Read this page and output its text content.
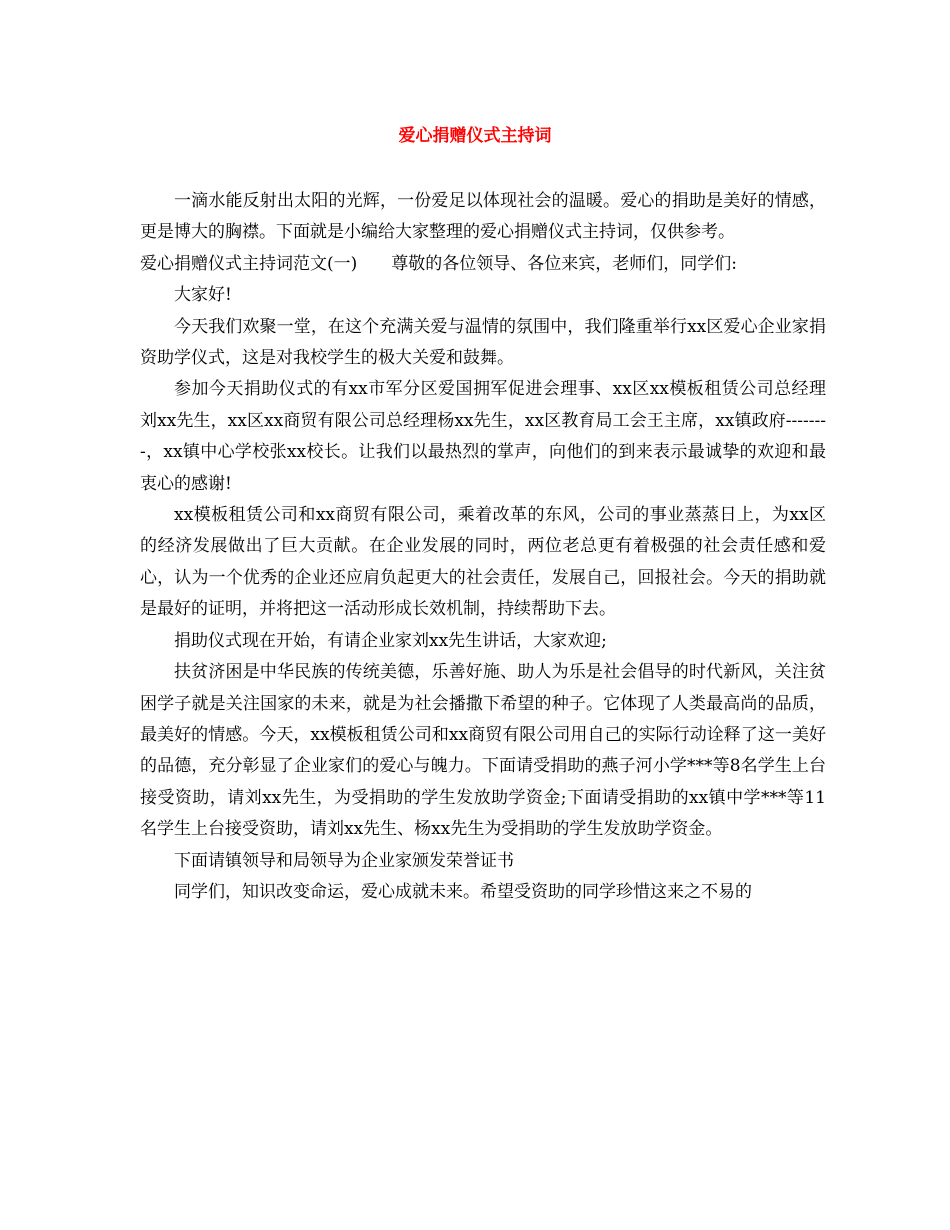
爱心捐赠仪式主持词

一滴水能反射出太阳的光辉，一份爱足以体现社会的温暖。爱心的捐助是美好的情感，更是博大的胸襟。下面就是小编给大家整理的爱心捐赠仪式主持词，仅供参考。

爱心捐赠仪式主持词范文(一)　　尊敬的各位领导、各位来宾，老师们，同学们:

大家好!

今天我们欢聚一堂，在这个充满关爱与温情的氛围中，我们隆重举行xx区爱心企业家捐资助学仪式，这是对我校学生的极大关爱和鼓舞。

参加今天捐助仪式的有xx市军分区爱国拥军促进会理事、xx区xx模板租赁公司总经理刘xx先生，xx区xx商贸有限公司总经理杨xx先生，xx区教育局工会王主席，xx镇政府--------，xx镇中心学校张xx校长。让我们以最热烈的掌声，向他们的到来表示最诚挚的欢迎和最衷心的感谢!

xx模板租赁公司和xx商贸有限公司，乘着改革的东风，公司的事业蒸蒸日上，为xx区的经济发展做出了巨大贡献。在企业发展的同时，两位老总更有着极强的社会责任感和爱心，认为一个优秀的企业还应肩负起更大的社会责任，发展自己，回报社会。今天的捐助就是最好的证明，并将把这一活动形成长效机制，持续帮助下去。

捐助仪式现在开始，有请企业家刘xx先生讲话，大家欢迎;

扶贫济困是中华民族的传统美德，乐善好施、助人为乐是社会倡导的时代新风，关注贫困学子就是关注国家的未来，就是为社会播撒下希望的种子。它体现了人类最高尚的品质，最美好的情感。今天，xx模板租赁公司和xx商贸有限公司用自己的实际行动诠释了这一美好的品德，充分彰显了企业家们的爱心与魄力。下面请受捐助的燕子河小学***等8名学生上台接受资助，请刘xx先生，为受捐助的学生发放助学资金;下面请受捐助的xx镇中学***等11名学生上台接受资助，请刘xx先生、杨xx先生为受捐助的学生发放助学资金。

下面请镇领导和局领导为企业家颁发荣誉证书

同学们，知识改变命运，爱心成就未来。希望受资助的同学珍惜这来之不易的
